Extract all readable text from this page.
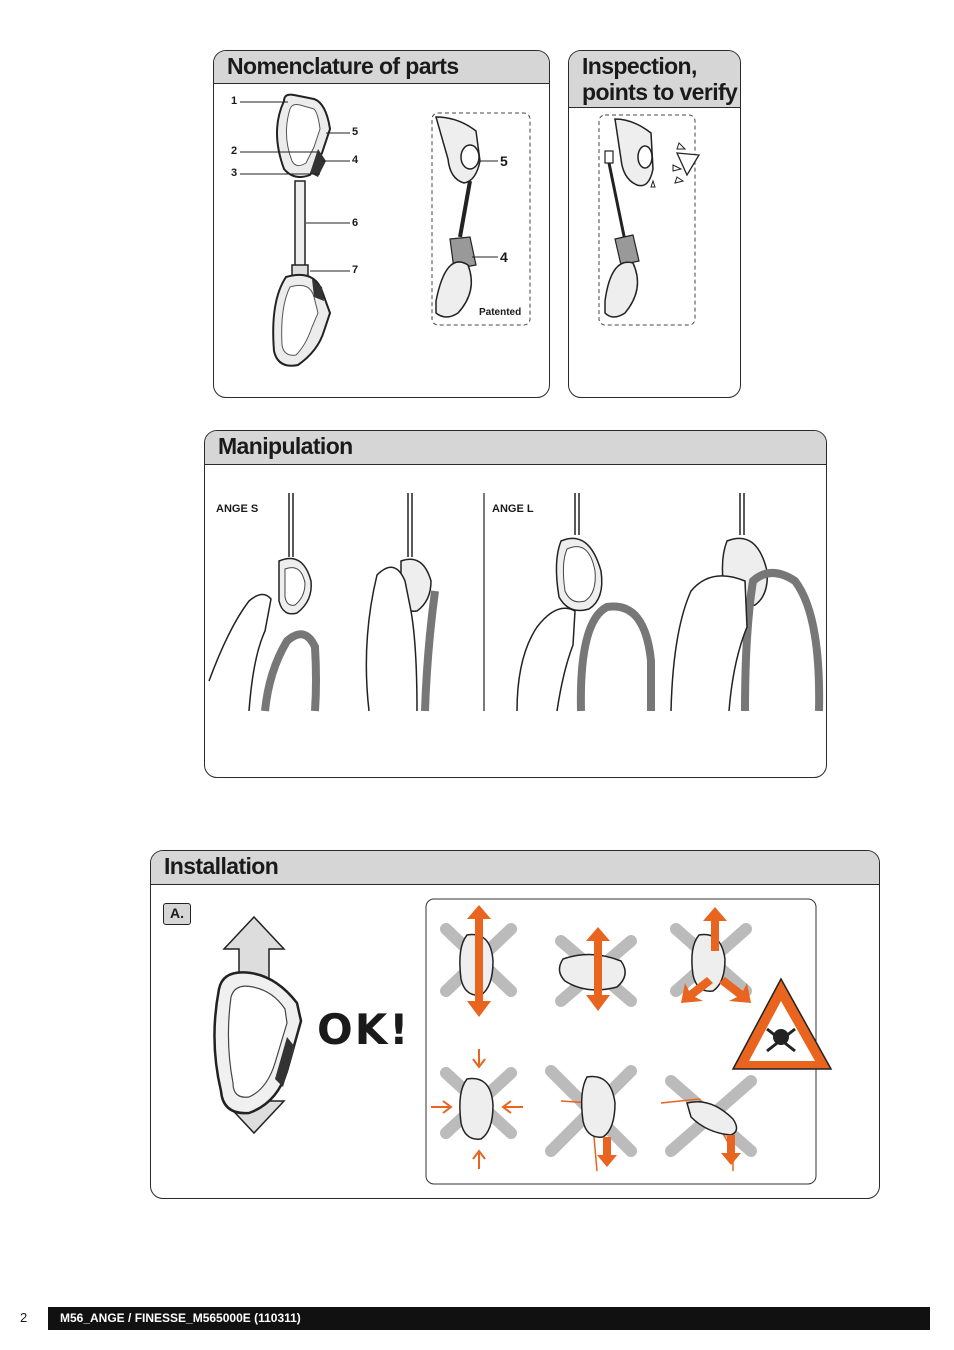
Nomenclature of parts
1
2
3
5
4
6
7
5
4
Patented
Inspection,
points to verify
Manipulation
ANGE S	ANGE L
Installation
A.
OK!
2	M56_ANGE / FINESSE_M565000E (110311)
